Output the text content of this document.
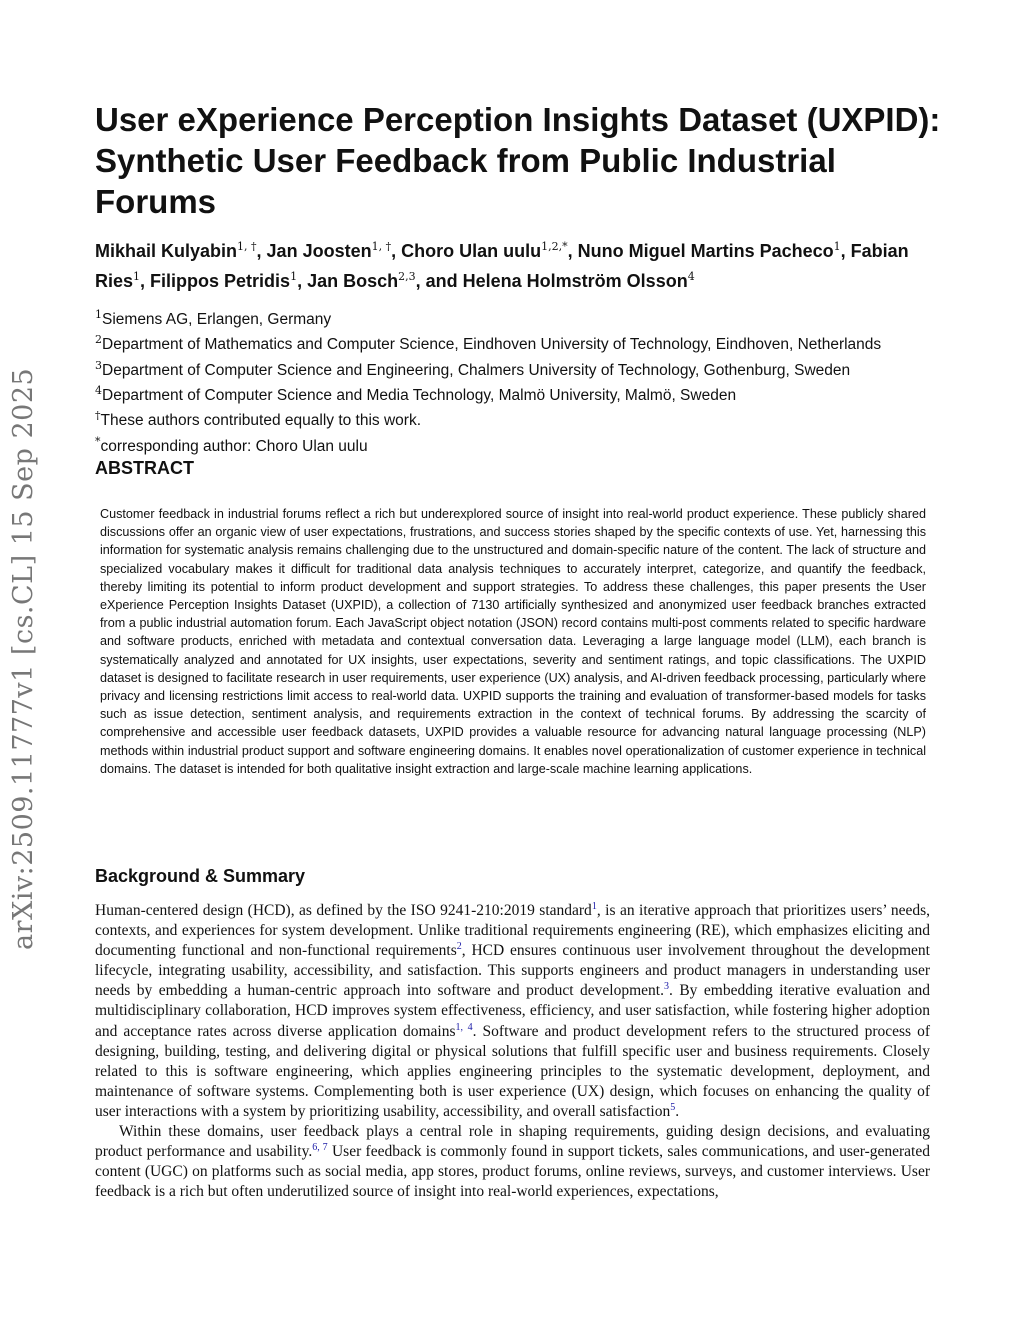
arXiv:2509.11777v1 [cs.CL] 15 Sep 2025
User eXperience Perception Insights Dataset (UXPID): Synthetic User Feedback from Public Industrial Forums

Mikhail Kulyabin$^{1, \dagger}$, Jan Joosten$^{1, \dagger}$, Choro Ulan uulu$^{1,2,*}$, Nuno Miguel Martins Pacheco$^1$, Fabian Ries$^1$, Filippos Petridis$^1$, Jan Bosch$^{2,3}$, and Helena Holmström Olsson$^4$

$^1$Siemens AG, Erlangen, Germany
$^2$Department of Mathematics and Computer Science, Eindhoven University of Technology, Eindhoven, Netherlands
$^3$Department of Computer Science and Engineering, Chalmers University of Technology, Gothenburg, Sweden
$^4$Department of Computer Science and Media Technology, Malmö University, Malmö, Sweden
†These authors contributed equally to this work.
*corresponding author: Choro Ulan uulu
ABSTRACT

Customer feedback in industrial forums reflect a rich but underexplored source of insight into real-world product experience. These publicly shared discussions offer an organic view of user expectations, frustrations, and success stories shaped by the specific contexts of use. Yet, harnessing this information for systematic analysis remains challenging due to the unstructured and domain-specific nature of the content. The lack of structure and specialized vocabulary makes it difficult for traditional data analysis techniques to accurately interpret, categorize, and quantify the feedback, thereby limiting its potential to inform product development and support strategies. To address these challenges, this paper presents the User eXperience Perception Insights Dataset (UXPID), a collection of 7130 artificially synthesized and anonymized user feedback branches extracted from a public industrial automation forum. Each JavaScript object notation (JSON) record contains multi-post comments related to specific hardware and software products, enriched with metadata and contextual conversation data. Leveraging a large language model (LLM), each branch is systematically analyzed and annotated for UX insights, user expectations, severity and sentiment ratings, and topic classifications. The UXPID dataset is designed to facilitate research in user requirements, user experience (UX) analysis, and AI-driven feedback processing, particularly where privacy and licensing restrictions limit access to real-world data. UXPID supports the training and evaluation of transformer-based models for tasks such as issue detection, sentiment analysis, and requirements extraction in the context of technical forums. By addressing the scarcity of comprehensive and accessible user feedback datasets, UXPID provides a valuable resource for advancing natural language processing (NLP) methods within industrial product support and software engineering domains. It enables novel operationalization of customer experience in technical domains. The dataset is intended for both qualitative insight extraction and large-scale machine learning applications.

Background & Summary

Human-centered design (HCD), as defined by the ISO 9241-210:2019 standard$^1$, is an iterative approach that prioritizes users’ needs, contexts, and experiences for system development. Unlike traditional requirements engineering (RE), which emphasizes eliciting and documenting functional and non-functional requirements$^2$, HCD ensures continuous user involvement throughout the development lifecycle, integrating usability, accessibility, and satisfaction. This supports engineers and product managers in understanding user needs by embedding a human-centric approach into software and product development.$^3$. By embedding iterative evaluation and multidisciplinary collaboration, HCD improves system effectiveness, efficiency, and user satisfaction, while fostering higher adoption and acceptance rates across diverse application domains$^{1, 4}$. Software and product development refers to the structured process of designing, building, testing, and delivering digital or physical solutions that fulfill specific user and business requirements. Closely related to this is software engineering, which applies engineering principles to the systematic development, deployment, and maintenance of software systems. Complementing both is user experience (UX) design, which focuses on enhancing the quality of user interactions with a system by prioritizing usability, accessibility, and overall satisfaction$^5$.

Within these domains, user feedback plays a central role in shaping requirements, guiding design decisions, and evaluating product performance and usability.$^{6, 7}$ User feedback is commonly found in support tickets, sales communications, and user-generated content (UGC) on platforms such as social media, app stores, product forums, online reviews, surveys, and customer interviews. User feedback is a rich but often underutilized source of insight into real-world experiences, expectations,
